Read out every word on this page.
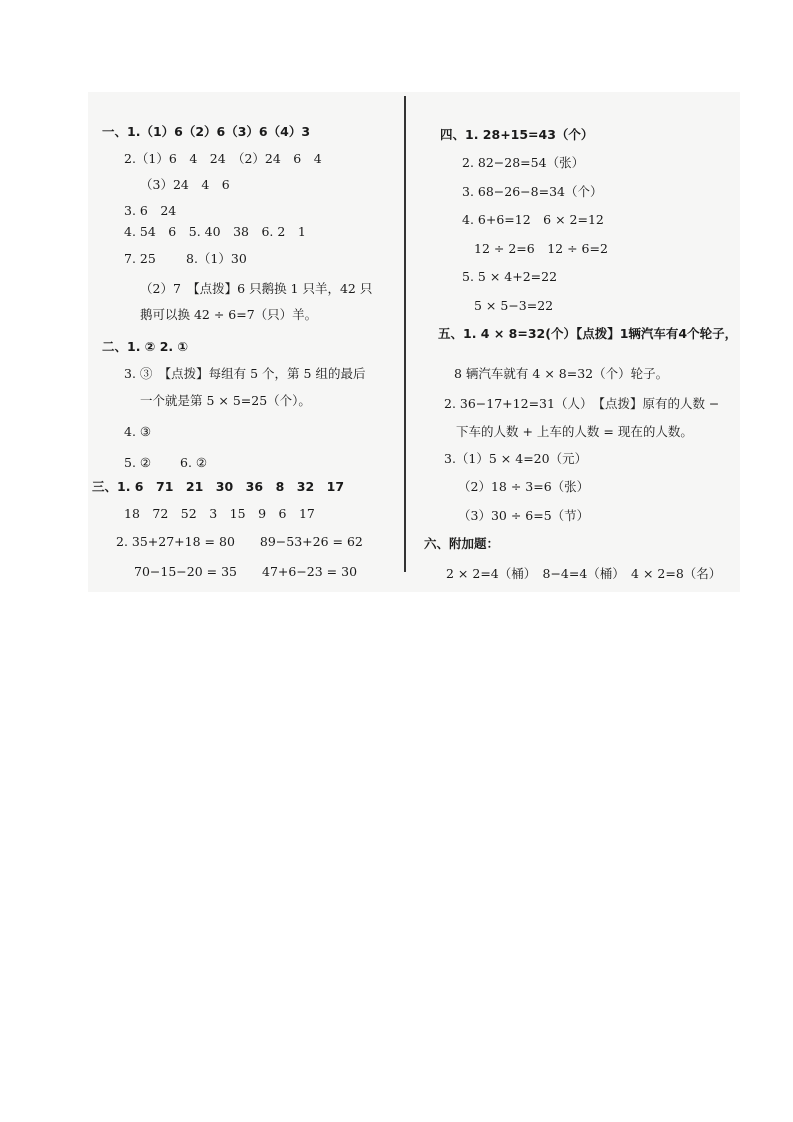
一、1.（1）6（2）6（3）6（4）3
2.（1）6　4　24　（2）24　6　4
（3）24　4　6
3. 6　24
4. 54　6　5. 40　38　6. 2　1
7. 25 8.（1）30
（2）7　【点拨】6 只鹅换 1 只羊，42 只
鹅可以换 42 ÷ 6=7（只）羊。
二、1. ② 2. ①
3. ③　【点拨】每组有 5 个，第 5 组的最后
一个就是第 5 × 5=25（个）。
4. ③
5. ② 6. ②
三、1. 6　71　21　30　36　8　32　17
18　72　52　3　15　9　6　17
2. 35+27+18 = 80　　89−53+26 = 62
70−15−20 = 35　　47+6−23 = 30
四、1. 28+15=43（个）
2. 82−28=54（张）
3. 68−26−8=34（个）
4. 6+6=12　6 × 2=12
12 ÷ 2=6　12 ÷ 6=2
5. 5 × 4+2=22
5 × 5−3=22
五、1. 4 × 8=32(个）【点拨】1辆汽车有4个轮子，
8 辆汽车就有 4 × 8=32（个）轮子。
2. 36−17+12=31（人）　【点拨】原有的人数 −
下车的人数 + 上车的人数 = 现在的人数。
3.（1）5 × 4=20（元）
（2）18 ÷ 3=6（张）
（3）30 ÷ 6=5（节）
六、附加题：
2 × 2=4（桶）　8−4=4（桶）　4 × 2=8（名）
